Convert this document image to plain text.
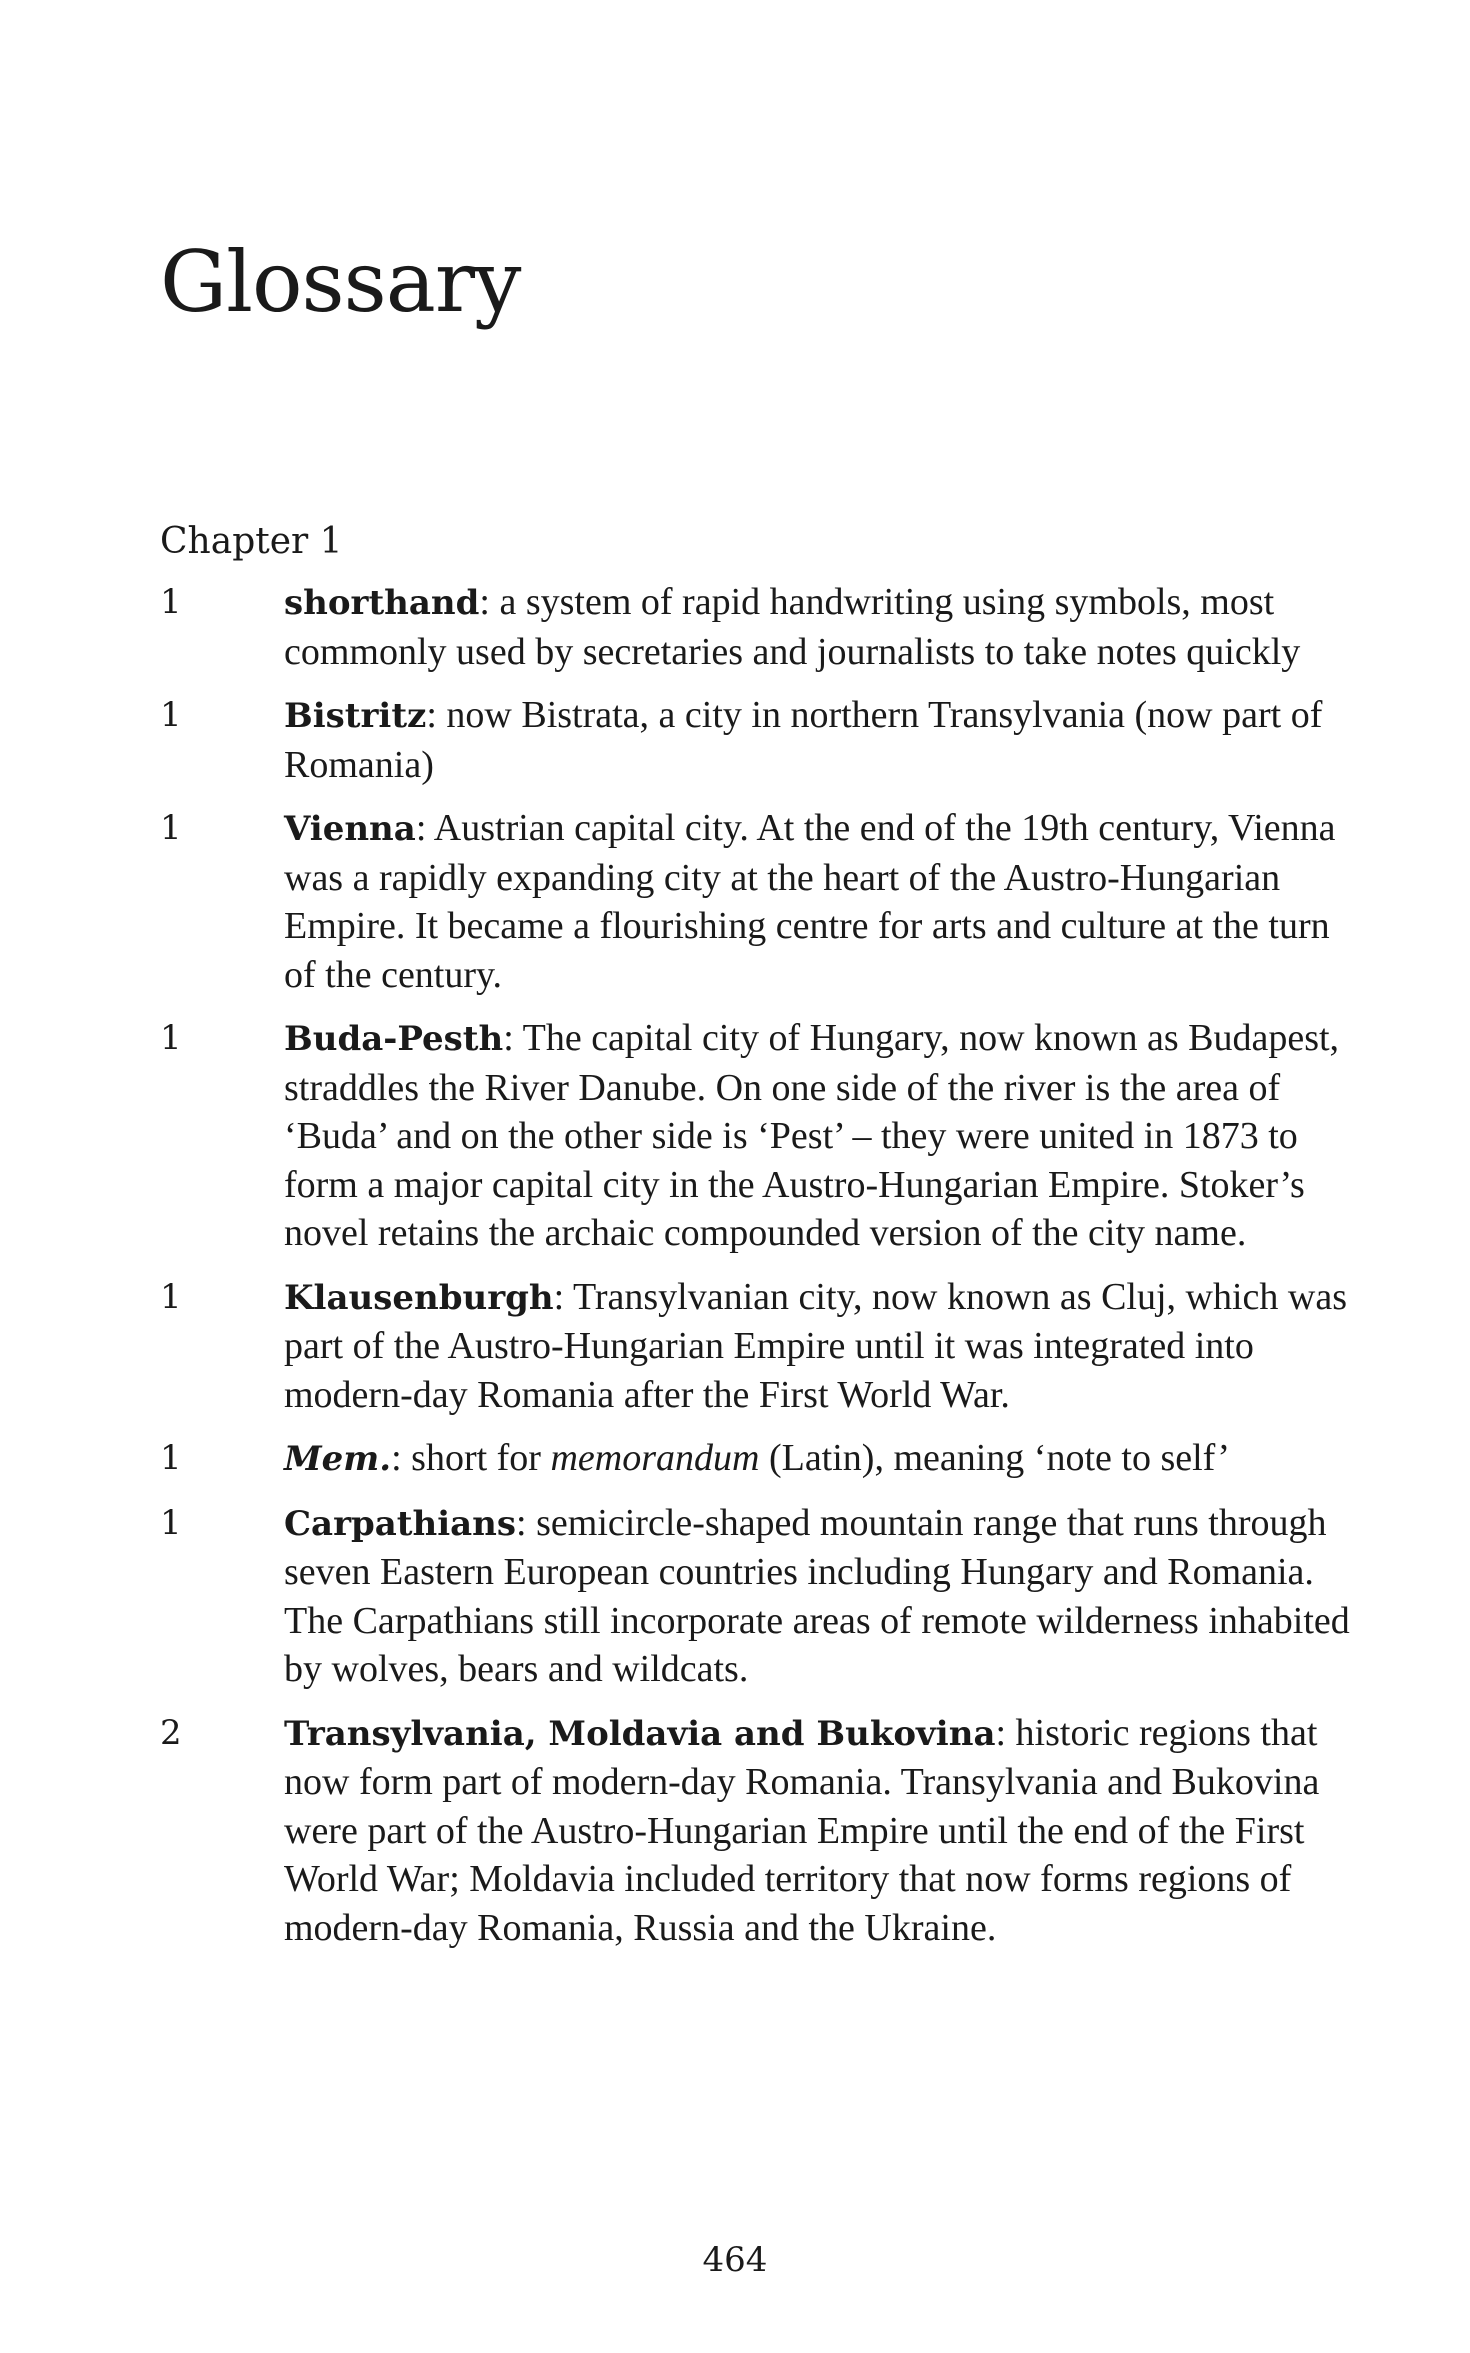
Glossary
Chapter 1
1	shorthand: a system of rapid handwriting using symbols, most commonly used by secretaries and journalists to take notes quickly

1	Bistritz: now Bistrata, a city in northern Transylvania (now part of Romania)

1	Vienna: Austrian capital city. At the end of the 19th century, Vienna was a rapidly expanding city at the heart of the Austro-Hungarian Empire. It became a flourishing centre for arts and culture at the turn of the century.

1	Buda-Pesth: The capital city of Hungary, now known as Budapest, straddles the River Danube. On one side of the river is the area of ‘Buda’ and on the other side is ‘Pest’ – they were united in 1873 to form a major capital city in the Austro-Hungarian Empire. Stoker’s novel retains the archaic compounded version of the city name.

1	Klausenburgh: Transylvanian city, now known as Cluj, which was part of the Austro-Hungarian Empire until it was integrated into modern-day Romania after the First World War.

1	Mem.: short for memorandum (Latin), meaning ‘note to self’

1	Carpathians: semicircle-shaped mountain range that runs through seven Eastern European countries including Hungary and Romania. The Carpathians still incorporate areas of remote wilderness inhabited by wolves, bears and wildcats.

2	Transylvania, Moldavia and Bukovina: historic regions that now form part of modern-day Romania. Transylvania and Bukovina were part of the Austro-Hungarian Empire until the end of the First World War; Moldavia included territory that now forms regions of modern-day Romania, Russia and the Ukraine.

464
